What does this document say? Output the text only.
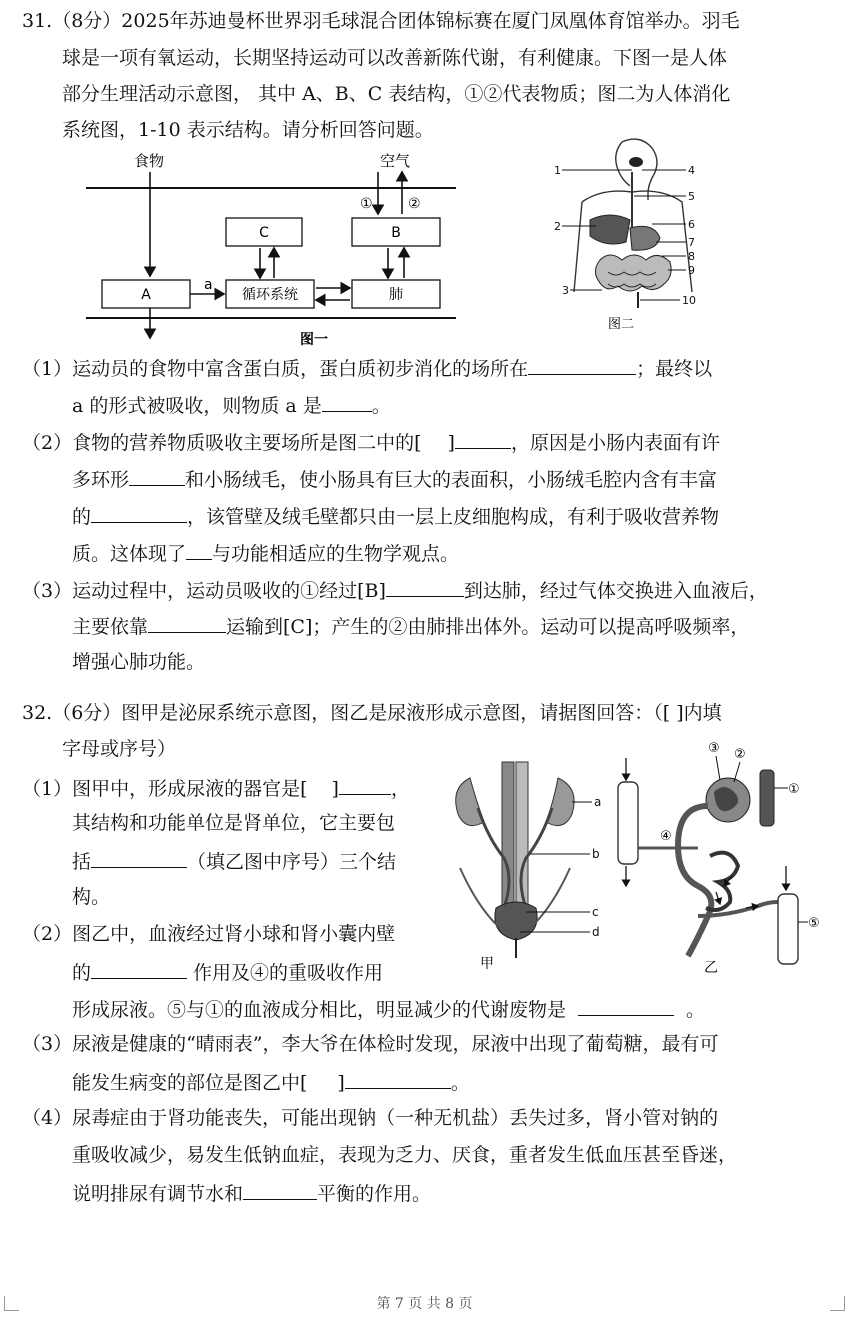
31.（8分）2025年苏迪曼杯世界羽毛球混合团体锦标赛在厦门凤凰体育馆举办。羽毛
球是一项有氧运动，长期坚持运动可以改善新陈代谢，有利健康。下图一是人体
部分生理活动示意图， 其中 A、B、C 表结构，①②代表物质；图二为人体消化
系统图，1-10 表示结构。请分析回答问题。
食物	空气
①	②
C	B
A	循环系统	肺
a
图一
1	4
5
2	6
7
8
9
3
10
图二
（1）运动员的食物中富含蛋白质，蛋白质初步消化的场所在	；最终以
a 的形式被吸收，则物质 a 是	。
（2）食物的营养物质吸收主要场所是图二中的[ ]	，原因是小肠内表面有许
多环形	和小肠绒毛，使小肠具有巨大的表面积，小肠绒毛腔内含有丰富
的	，该管壁及绒毛壁都只由一层上皮细胞构成，有利于吸收营养物
质。这体现了 与功能相适应的生物学观点。
（3）运动过程中，运动员吸收的①经过[B]	到达肺，经过气体交换进入血液后，
主要依靠	运输到[C]；产生的②由肺排出体外。运动可以提高呼吸频率，
增强心肺功能。
32.（6分）图甲是泌尿系统示意图，图乙是尿液形成示意图，请据图回答：（[ ]内填
字母或序号）
（1）图甲中，形成尿液的器官是[ ]	，
其结构和功能单位是肾单位，它主要包
括	（填乙图中序号）三个结
构。
（2）图乙中，血液经过肾小球和肾小囊内壁
的	作用及④的重吸收作用
形成尿液。⑤与①的血液成分相比，明显减少的代谢废物是	。
（3）尿液是健康的“晴雨表”，李大爷在体检时发现，尿液中出现了葡萄糖，最有可
能发生病变的部位是图乙中[ ]	。
（4）尿毒症由于肾功能丧失，可能出现钠（一种无机盐）丢失过多，肾小管对钠的
重吸收减少，易发生低钠血症，表现为乏力、厌食，重者发生低血压甚至昏迷，
说明排尿有调节水和	平衡的作用。
a
b
c
d
甲
①
③ ②
④
⑤
乙
第 7 页 共 8 页
